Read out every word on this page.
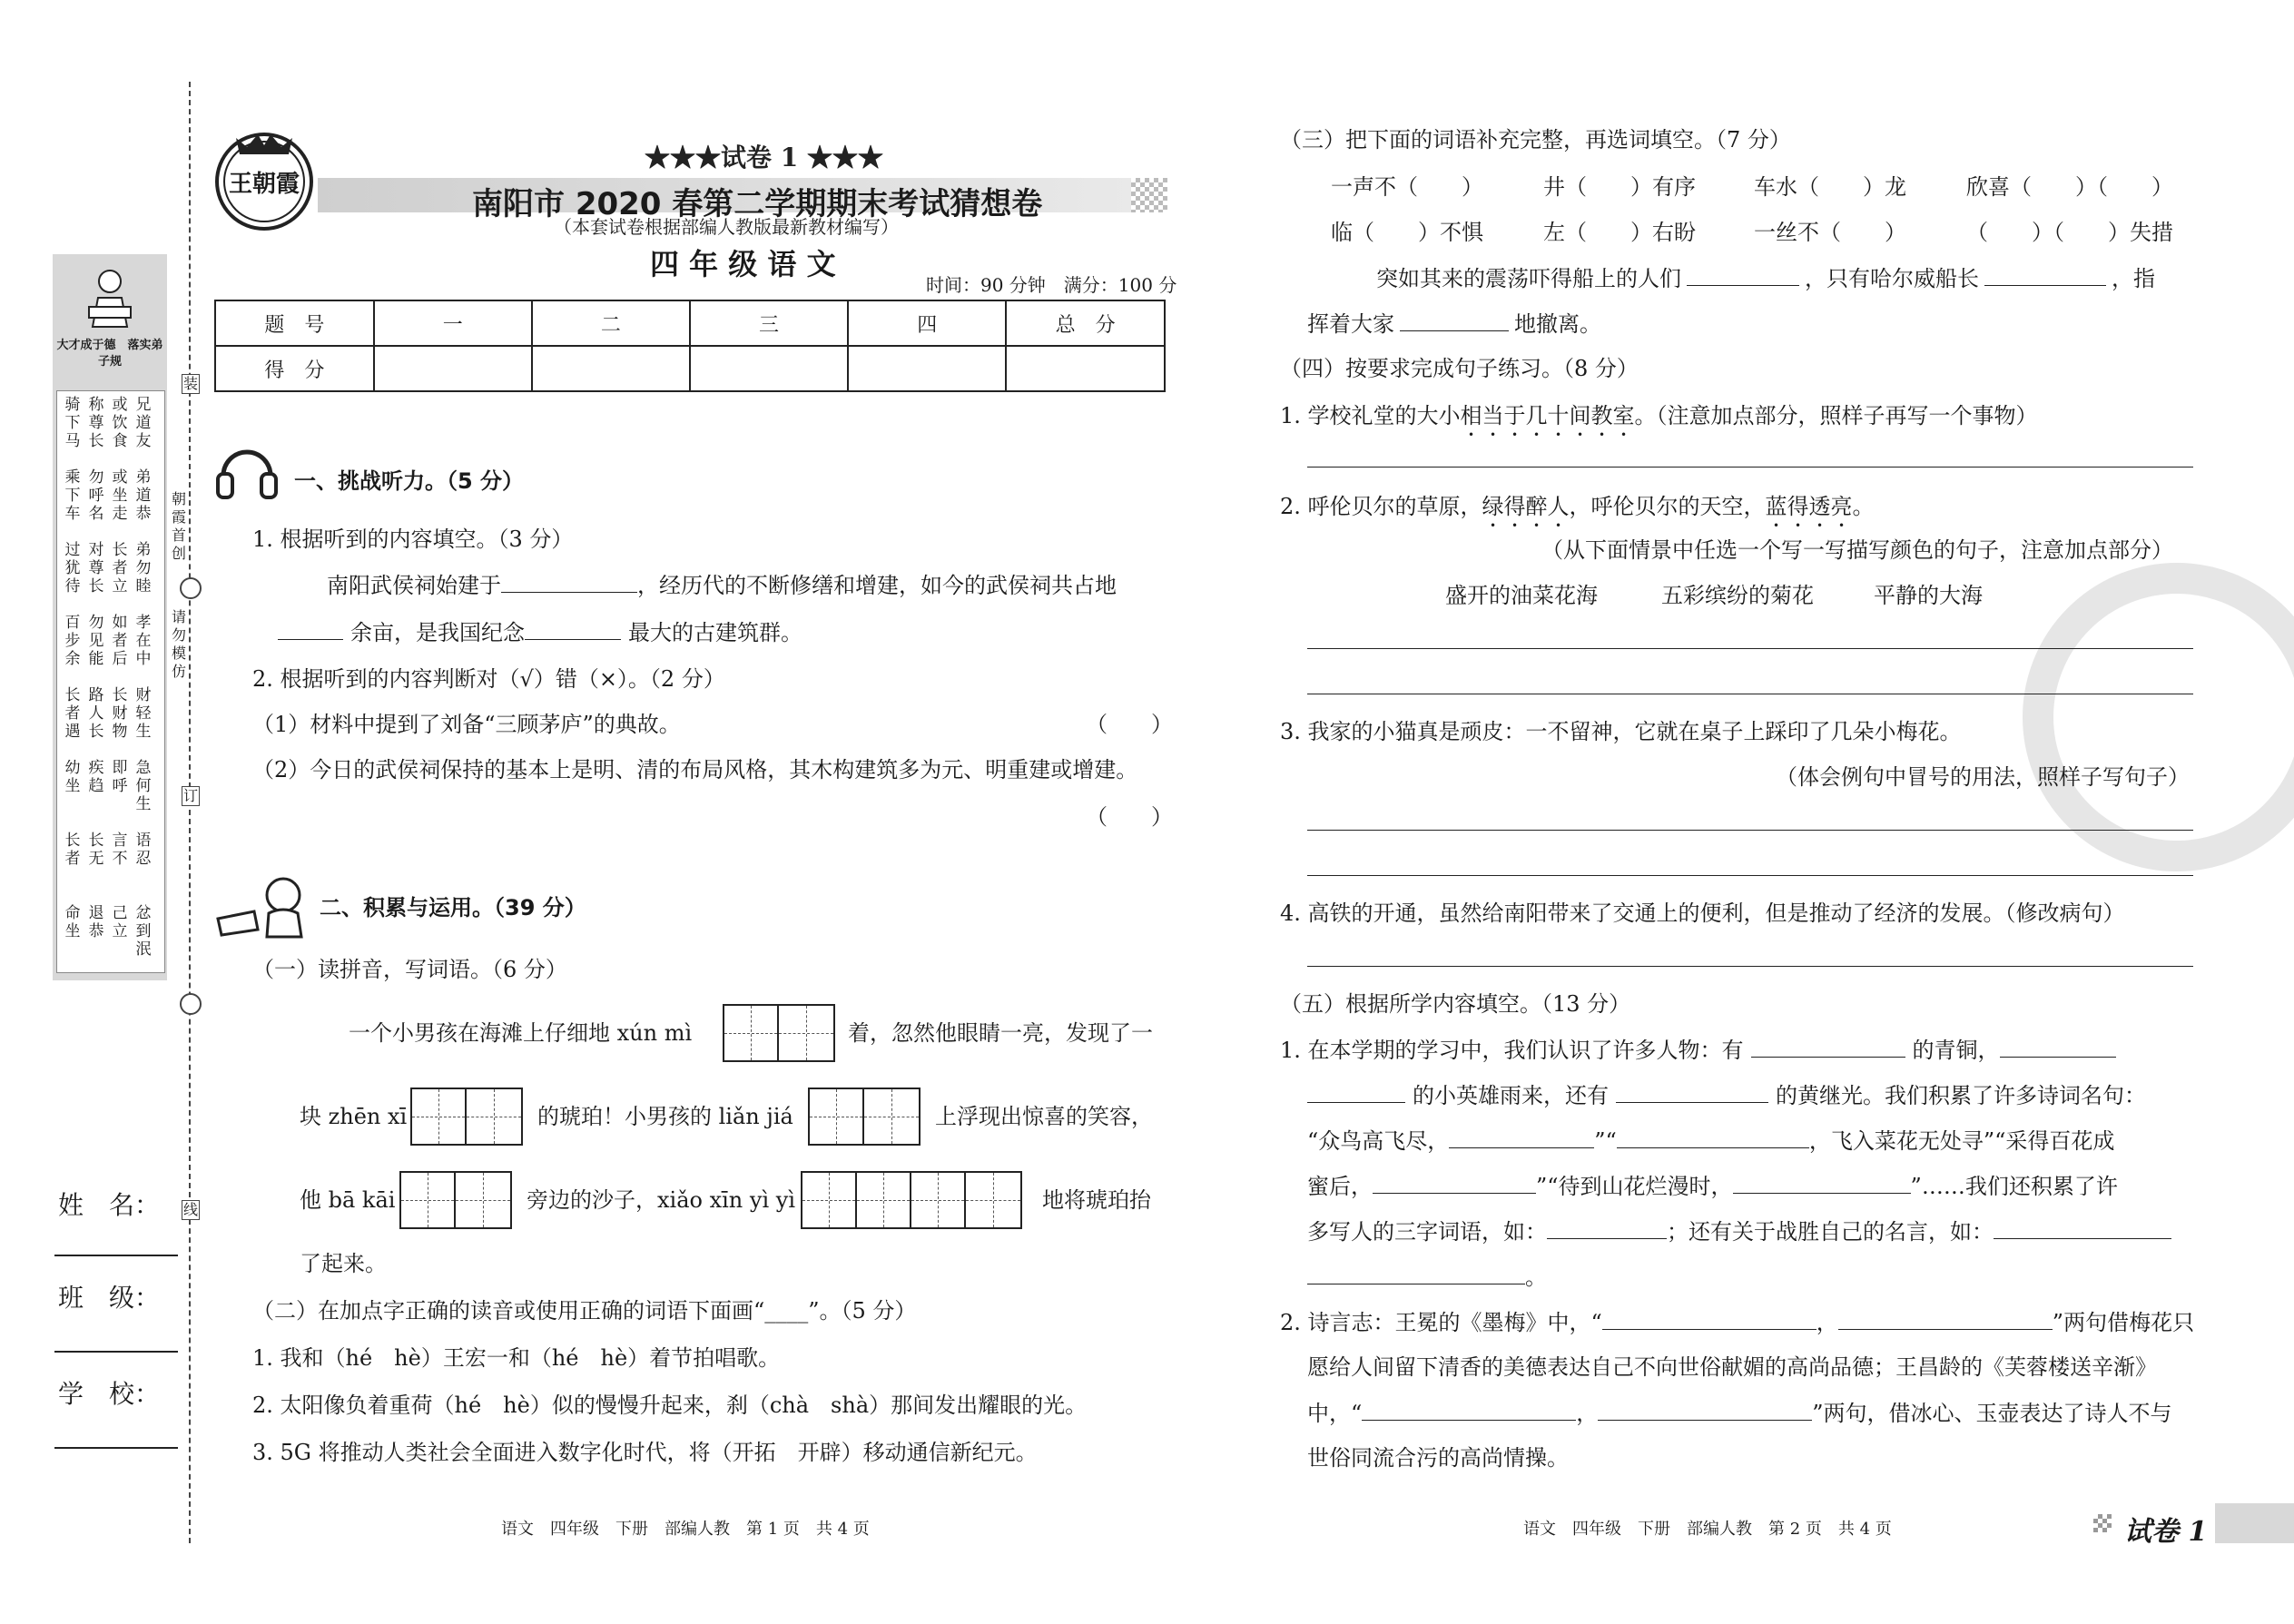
大才成于德　落实弟子规
骑下马
称尊长
或饮食
兄道友
乘下车
勿呼名
或坐走
弟道恭
过犹待
对尊长
长者立
弟勿睦
百步余
勿见能
如者后
孝在中
长者遇
路人长
长财物
财轻生
幼坐
疾趋
即呼
急何生
长者
长无
言不
语忍
命坐
退恭
己立
忿到泯
装
订
线
朝霞首创
请勿模仿
姓　名：
班　级：
学　校：
王朝霞
★★★试卷 1 ★★★
南阳市 2020 春第二学期期末考试猜想卷
（本套试卷根据部编人教版最新教材编写）
四 年 级 语 文
时间：90 分钟　满分：100 分
题　号	一	二	三	四	总　分
得　分					
一、挑战听力。（5 分）
1. 根据听到的内容填空。（3 分）
南阳武侯祠始建于	，经历代的不断修缮和增建，如今的武侯祠共占地
余亩，是我国纪念	最大的古建筑群。
2. 根据听到的内容判断对（√）错（×）。（2 分）
（1）材料中提到了刘备“三顾茅庐”的典故。	（　　）
（2）今日的武侯祠保持的基本上是明、清的布局风格，其木构建筑多为元、明重建或增建。
（　　）
二、积累与运用。（39 分）
（一）读拼音，写词语。（6 分）
一个小男孩在海滩上仔细地 xún mì	着，忽然他眼睛一亮，发现了一
块 zhēn xī	的琥珀！小男孩的 liǎn jiá	上浮现出惊喜的笑容，
他 bā kāi	旁边的沙子，xiǎo xīn yì yì	地将琥珀抬
了起来。
（二）在加点字正确的读音或使用正确的词语下面画“____”。（5 分）
1. 我和（hé　hè）王宏一和（hé　hè）着节拍唱歌。
2. 太阳像负着重荷（hé　hè）似的慢慢升起来，刹（chà　shà）那间发出耀眼的光。
3. 5G 将推动人类社会全面进入数字化时代，将（开拓　开辟）移动通信新纪元。
语文　四年级　下册　部编人教　第 1 页　共 4 页
（三）把下面的词语补充完整，再选词填空。（7 分）
一声不（　　）	井（　　）有序	车水（　　）龙	欣喜（　　）（　　）
临（　　）不惧	左（　　）右盼	一丝不（　　）	（　　）（　　）失措
突如其来的震荡吓得船上的人们	，只有哈尔威船长	，指
挥着大家	地撤离。
（四）按要求完成句子练习。（8 分）
1. 学校礼堂的大小相当于几十间教室。（注意加点部分，照样子再写一个事物）
2. 呼伦贝尔的草原，绿得醉人，呼伦贝尔的天空，蓝得透亮。
（从下面情景中任选一个写一写描写颜色的句子，注意加点部分）
盛开的油菜花海	五彩缤纷的菊花	平静的大海
3. 我家的小猫真是顽皮：一不留神，它就在桌子上踩印了几朵小梅花。
（体会例句中冒号的用法，照样子写句子）
4. 高铁的开通，虽然给南阳带来了交通上的便利，但是推动了经济的发展。（修改病句）
（五）根据所学内容填空。（13 分）
1. 在本学期的学习中，我们认识了许多人物：有	的青铜，
的小英雄雨来，还有	的黄继光。我们积累了许多诗词名句：
“众鸟高飞尽，	”“	，飞入菜花无处寻”“采得百花成
蜜后，	”“待到山花烂漫时，	”……我们还积累了许
多写人的三字词语，如：	；还有关于战胜自己的名言，如：
。
2. 诗言志：王冕的《墨梅》中，“	，	”两句借梅花只
愿给人间留下清香的美德表达自己不向世俗献媚的高尚品德；王昌龄的《芙蓉楼送辛渐》
中，“	，	”两句，借冰心、玉壶表达了诗人不与
世俗同流合污的高尚情操。
语文　四年级　下册　部编人教　第 2 页　共 4 页	试卷 1
